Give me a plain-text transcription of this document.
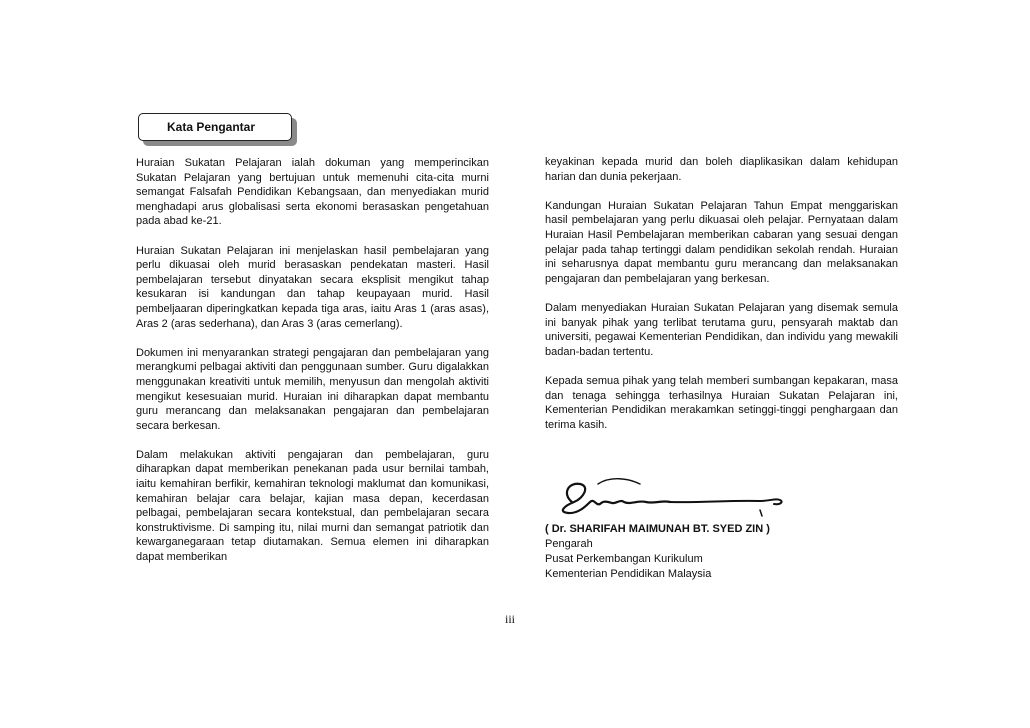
Kata Pengantar

Huraian Sukatan Pelajaran ialah dokuman yang memperincikan Sukatan Pelajaran yang bertujuan untuk memenuhi cita-cita murni semangat Falsafah Pendidikan Kebangsaan, dan menyediakan murid menghadapi arus globalisasi serta ekonomi berasaskan pengetahuan pada abad ke-21.

Huraian Sukatan Pelajaran ini menjelaskan hasil pembelajaran yang perlu dikuasai oleh murid berasaskan pendekatan masteri. Hasil pembelajaran tersebut dinyatakan secara eksplisit mengikut tahap kesukaran isi kandungan dan tahap keupayaan murid. Hasil pembeljaaran diperingkatkan kepada tiga aras, iaitu Aras 1 (aras asas), Aras 2 (aras sederhana), dan Aras 3 (aras cemerlang).

Dokumen ini menyarankan strategi pengajaran dan pembelajaran yang merangkumi pelbagai aktiviti dan penggunaan sumber. Guru digalakkan menggunakan kreativiti untuk memilih, menyusun dan mengolah aktiviti mengikut kesesuaian murid. Huraian ini diharapkan dapat membantu guru merancang dan melaksanakan pengajaran dan pembelajaran secara berkesan.

Dalam melakukan aktiviti pengajaran dan pembelajaran, guru diharapkan dapat memberikan penekanan pada usur bernilai tambah, iaitu kemahiran berfikir, kemahiran teknologi maklumat dan komunikasi, kemahiran belajar cara belajar, kajian masa depan, kecerdasan pelbagai, pembelajaran secara kontekstual, dan pembelajaran secara konstruktivisme. Di samping itu, nilai murni dan semangat patriotik dan kewarganegaraan tetap diutamakan. Semua elemen ini diharapkan dapat memberikan

keyakinan kepada murid dan boleh diaplikasikan dalam kehidupan harian dan dunia pekerjaan.

Kandungan Huraian Sukatan Pelajaran Tahun Empat menggariskan hasil pembelajaran yang perlu dikuasai oleh pelajar. Pernyataan dalam Huraian Hasil Pembelajaran memberikan cabaran yang sesuai dengan pelajar pada tahap tertinggi dalam pendidikan sekolah rendah. Huraian ini seharusnya dapat membantu guru merancang dan melaksanakan pengajaran dan pembelajaran yang berkesan.

Dalam menyediakan Huraian Sukatan Pelajaran yang disemak semula ini banyak pihak yang terlibat terutama guru, pensyarah maktab dan universiti, pegawai Kementerian Pendidikan, dan individu yang mewakili badan-badan tertentu.

Kepada semua pihak yang telah memberi sumbangan kepakaran, masa dan tenaga sehingga terhasilnya Huraian Sukatan Pelajaran ini, Kementerian Pendidikan merakamkan setinggi-tinggi penghargaan dan terima kasih.

( Dr. SHARIFAH MAIMUNAH BT. SYED ZIN )
Pengarah
Pusat Perkembangan Kurikulum
Kementerian Pendidikan Malaysia
iii
